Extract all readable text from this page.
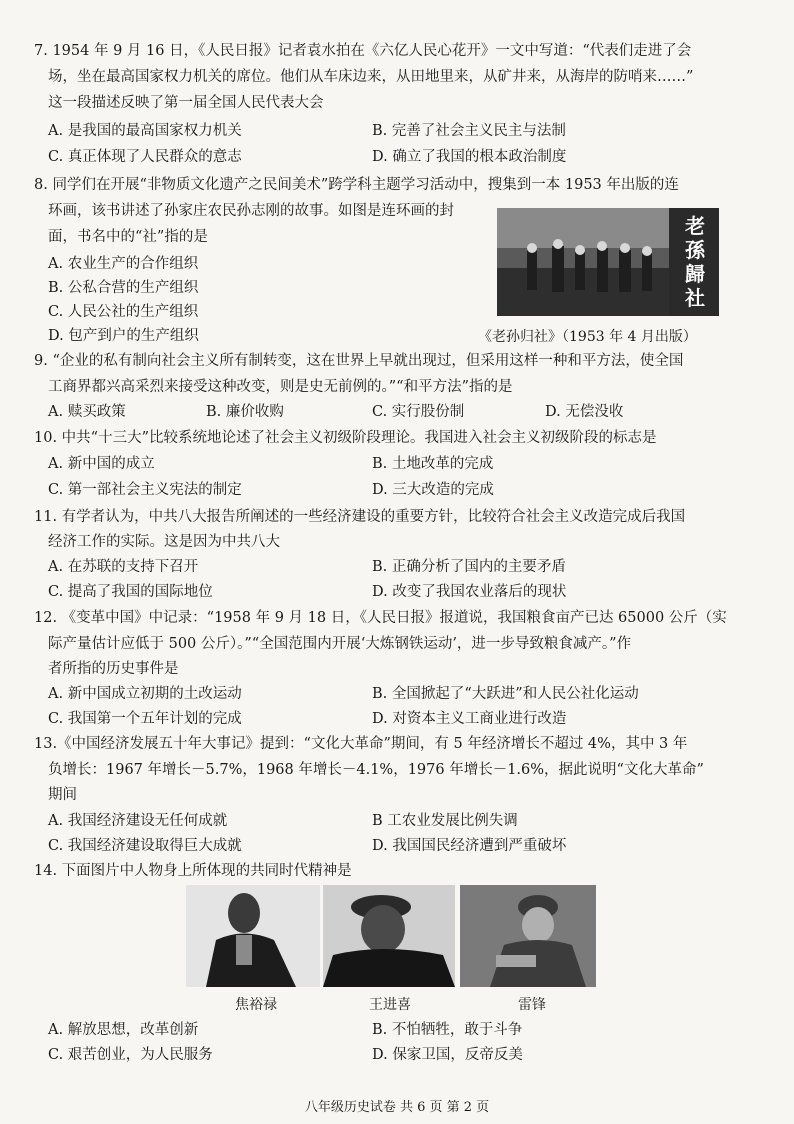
7. 1954 年 9 月 16 日，《人民日报》记者袁水拍在《六亿人民心花开》一文中写道：“代表们走进了会
场，坐在最高国家权力机关的席位。他们从车床边来，从田地里来，从矿井来，从海岸的防哨来……”
这一段描述反映了第一届全国人民代表大会
A. 是我国的最高国家权力机关	B. 完善了社会主义民主与法制
C. 真正体现了人民群众的意志	D. 确立了我国的根本政治制度
8. 同学们在开展“非物质文化遗产之民间美术”跨学科主题学习活动中，搜集到一本 1953 年出版的连
环画，该书讲述了孙家庄农民孙志刚的故事。如图是连环画的封
面，书名中的“社”指的是
A. 农业生产的合作组织
B. 公私合营的生产组织
C. 人民公社的生产组织
D. 包产到户的生产组织
老孫歸社
《老孙归社》（1953 年 4 月出版）
9. “企业的私有制向社会主义所有制转变，这在世界上早就出现过，但采用这样一种和平方法，使全国
工商界都兴高采烈来接受这种改变，则是史无前例的。”“和平方法”指的是
A. 赎买政策	B. 廉价收购	C. 实行股份制	D. 无偿没收
10. 中共“十三大”比较系统地论述了社会主义初级阶段理论。我国进入社会主义初级阶段的标志是
A. 新中国的成立	B. 土地改革的完成
C. 第一部社会主义宪法的制定	D. 三大改造的完成
11. 有学者认为，中共八大报告所阐述的一些经济建设的重要方针，比较符合社会主义改造完成后我国
经济工作的实际。这是因为中共八大
A. 在苏联的支持下召开	B. 正确分析了国内的主要矛盾
C. 提高了我国的国际地位	D. 改变了我国农业落后的现状
12. 《变革中国》中记录：“1958 年 9 月 18 日，《人民日报》报道说，我国粮食亩产已达 65000 公斤（实
际产量估计应低于 500 公斤）。”“全国范围内开展‘大炼钢铁运动’，进一步导致粮食减产。”作
者所指的历史事件是
A. 新中国成立初期的土改运动	B. 全国掀起了“大跃进”和人民公社化运动
C. 我国第一个五年计划的完成	D. 对资本主义工商业进行改造
13.《中国经济发展五十年大事记》提到：“文化大革命”期间，有 5 年经济增长不超过 4%，其中 3 年
负增长：1967 年增长－5.7%，1968 年增长－4.1%，1976 年增长－1.6%，据此说明“文化大革命”
期间
A. 我国经济建设无任何成就	B 工农业发展比例失调
C. 我国经济建设取得巨大成就	D. 我国国民经济遭到严重破坏
14. 下面图片中人物身上所体现的共同时代精神是
焦裕禄	王进喜	雷锋
A. 解放思想，改革创新	B. 不怕牺牲，敢于斗争
C. 艰苦创业，为人民服务	D. 保家卫国，反帝反美
八年级历史试卷 共 6 页 第 2 页
